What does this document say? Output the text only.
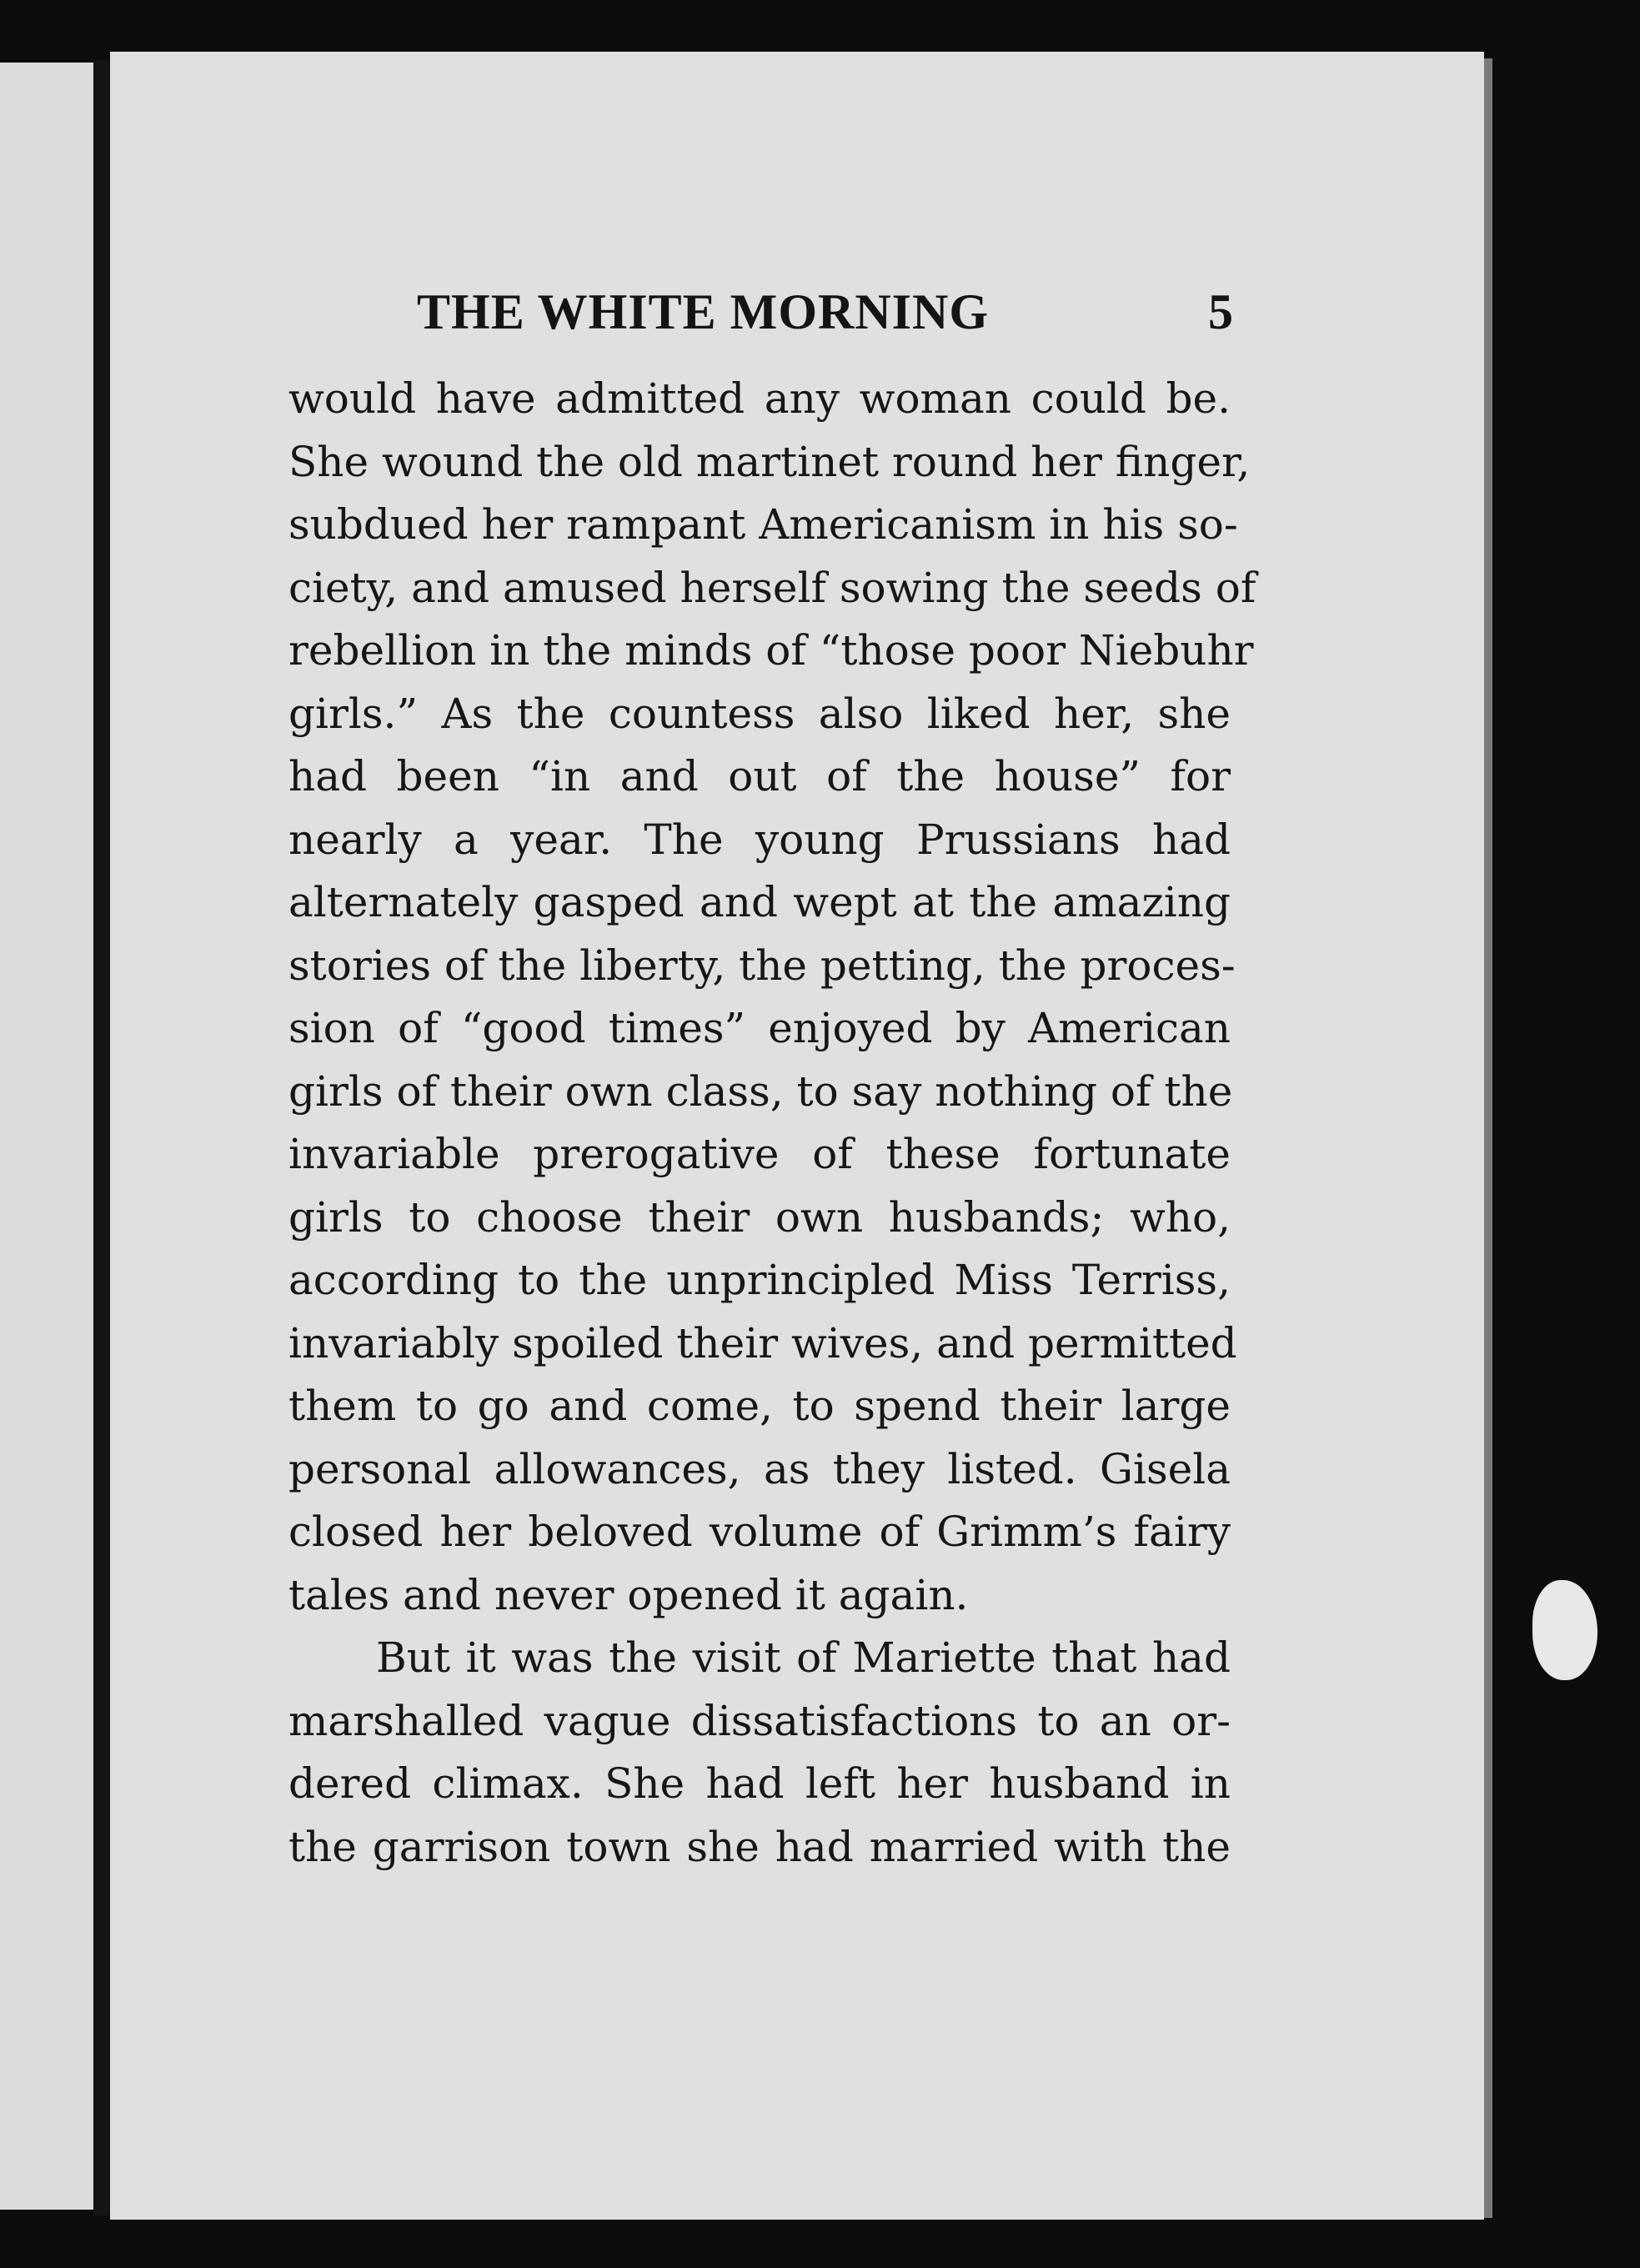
THE WHITE MORNING	5
would have admitted any woman could be.
She wound the old martinet round her finger,
subdued her rampant Americanism in his so-
ciety, and amused herself sowing the seeds of
rebellion in the minds of “those poor Niebuhr
girls.” As the countess also liked her, she
had been “in and out of the house” for
nearly a year. The young Prussians had
alternately gasped and wept at the amazing
stories of the liberty, the petting, the proces-
sion of “good times” enjoyed by American
girls of their own class, to say nothing of the
invariable prerogative of these fortunate
girls to choose their own husbands; who,
according to the unprincipled Miss Terriss,
invariably spoiled their wives, and permitted
them to go and come, to spend their large
personal allowances, as they listed. Gisela
closed her beloved volume of Grimm’s fairy
tales and never opened it again.
But it was the visit of Mariette that had
marshalled vague dissatisfactions to an or-
dered climax. She had left her husband in
the garrison town she had married with the
